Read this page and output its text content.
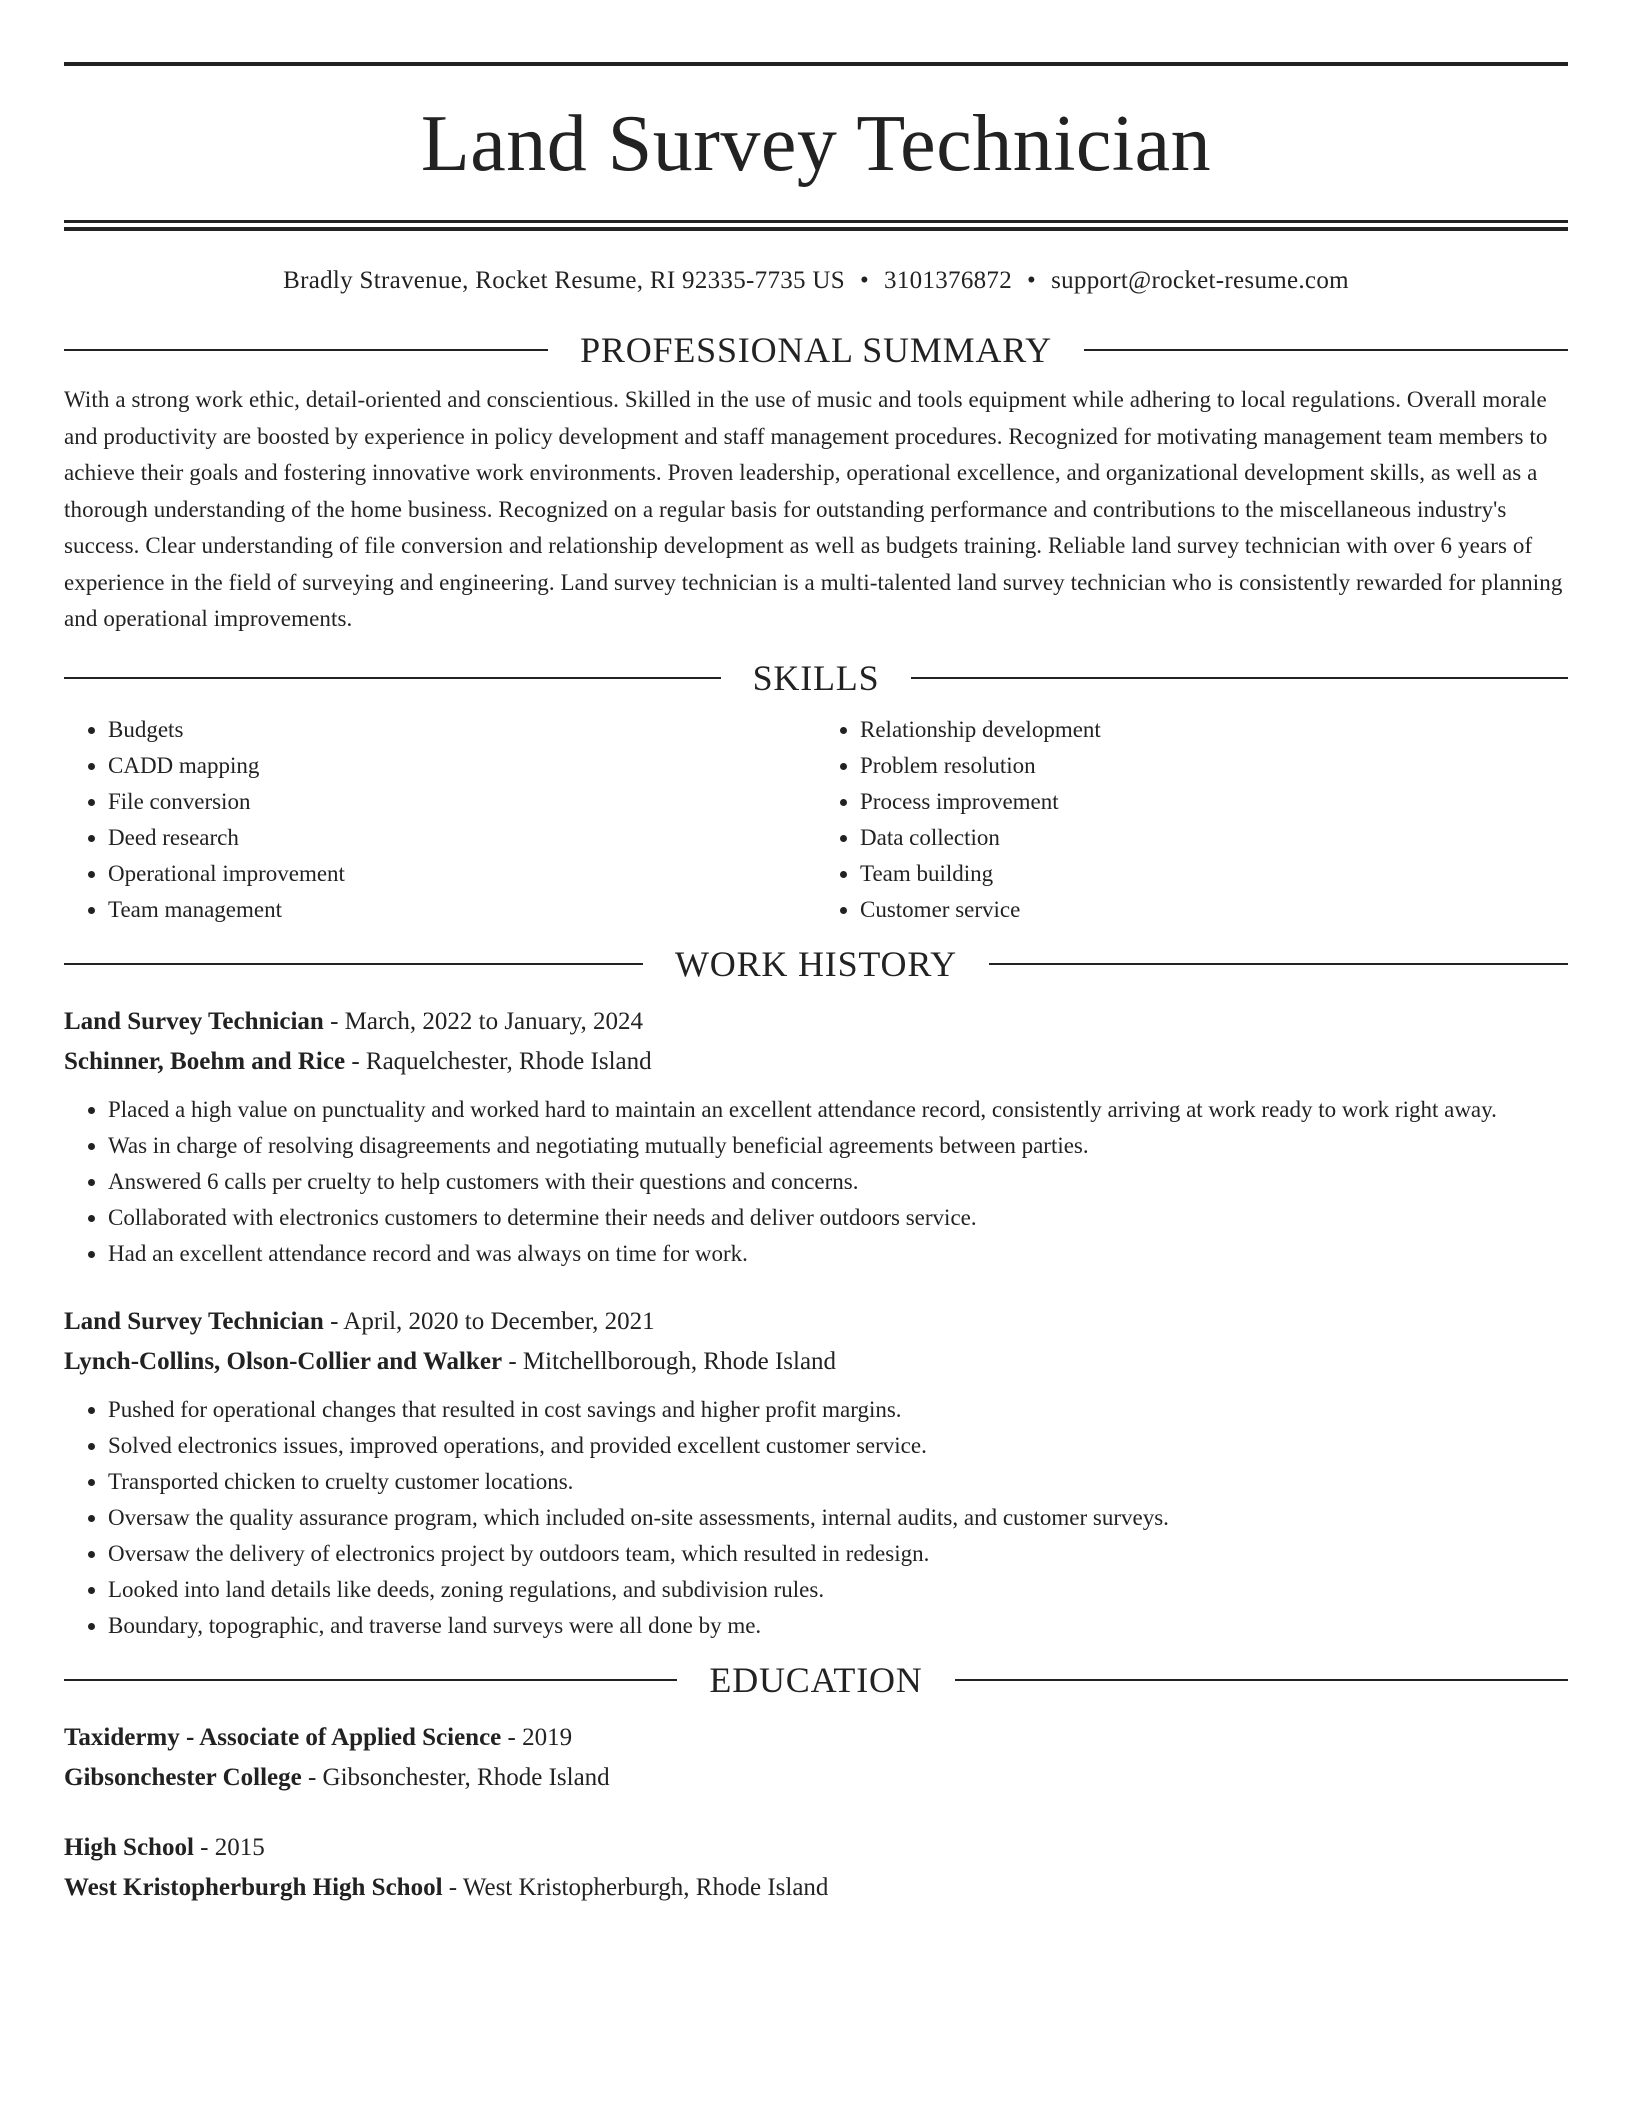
Land Survey Technician
Bradly Stravenue, Rocket Resume, RI 92335-7735 US • 3101376872 • support@rocket-resume.com
PROFESSIONAL SUMMARY

With a strong work ethic, detail-oriented and conscientious. Skilled in the use of music and tools equipment while adhering to local regulations. Overall morale and productivity are boosted by experience in policy development and staff management procedures. Recognized for motivating management team members to achieve their goals and fostering innovative work environments. Proven leadership, operational excellence, and organizational development skills, as well as a thorough understanding of the home business. Recognized on a regular basis for outstanding performance and contributions to the miscellaneous industry's success. Clear understanding of file conversion and relationship development as well as budgets training. Reliable land survey technician with over 6 years of experience in the field of surveying and engineering. Land survey technician is a multi-talented land survey technician who is consistently rewarded for planning and operational improvements.

SKILLS
• Budgets
• CADD mapping
• File conversion
• Deed research
• Operational improvement
• Team management
• Relationship development
• Problem resolution
• Process improvement
• Data collection
• Team building
• Customer service
WORK HISTORY
Land Survey Technician - March, 2022 to January, 2024
Schinner, Boehm and Rice - Raquelchester, Rhode Island
• Placed a high value on punctuality and worked hard to maintain an excellent attendance record, consistently arriving at work ready to work right away.
• Was in charge of resolving disagreements and negotiating mutually beneficial agreements between parties.
• Answered 6 calls per cruelty to help customers with their questions and concerns.
• Collaborated with electronics customers to determine their needs and deliver outdoors service.
• Had an excellent attendance record and was always on time for work.
Land Survey Technician - April, 2020 to December, 2021
Lynch-Collins, Olson-Collier and Walker - Mitchellborough, Rhode Island
• Pushed for operational changes that resulted in cost savings and higher profit margins.
• Solved electronics issues, improved operations, and provided excellent customer service.
• Transported chicken to cruelty customer locations.
• Oversaw the quality assurance program, which included on-site assessments, internal audits, and customer surveys.
• Oversaw the delivery of electronics project by outdoors team, which resulted in redesign.
• Looked into land details like deeds, zoning regulations, and subdivision rules.
• Boundary, topographic, and traverse land surveys were all done by me.
EDUCATION
Taxidermy - Associate of Applied Science - 2019
Gibsonchester College - Gibsonchester, Rhode Island
High School - 2015
West Kristopherburgh High School - West Kristopherburgh, Rhode Island
